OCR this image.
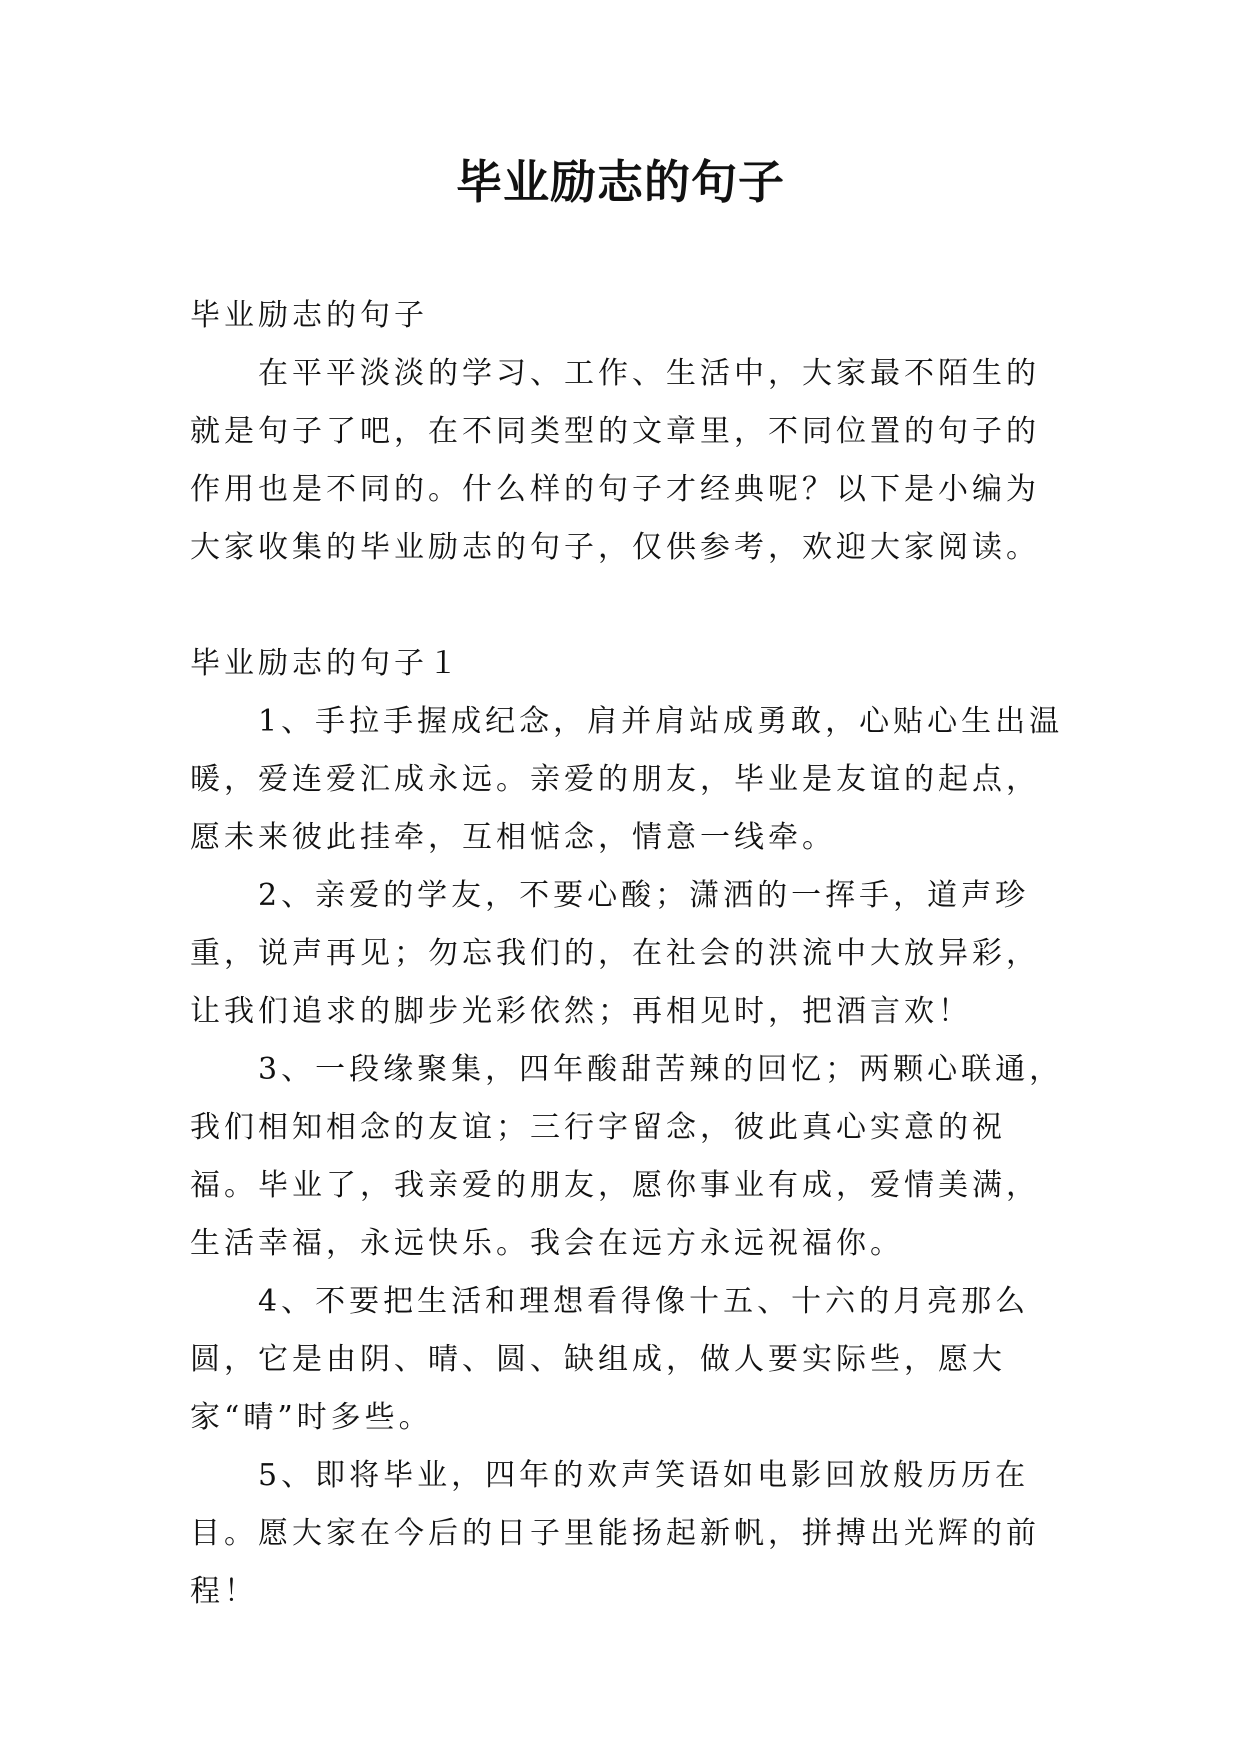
毕业励志的句子

毕业励志的句子

在平平淡淡的学习、工作、生活中，大家最不陌生的就是句子了吧，在不同类型的文章里，不同位置的句子的作用也是不同的。什么样的句子才经典呢？以下是小编为大家收集的毕业励志的句子，仅供参考，欢迎大家阅读。

毕业励志的句子１

1、手拉手握成纪念，肩并肩站成勇敢，心贴心生出温暖，爱连爱汇成永远。亲爱的朋友，毕业是友谊的起点，愿未来彼此挂牵，互相惦念，情意一线牵。

2、亲爱的学友，不要心酸；潇洒的一挥手，道声珍重，说声再见；勿忘我们的，在社会的洪流中大放异彩，让我们追求的脚步光彩依然；再相见时，把酒言欢！

3、一段缘聚集，四年酸甜苦辣的回忆；两颗心联通，我们相知相念的友谊；三行字留念，彼此真心实意的祝福。毕业了，我亲爱的朋友，愿你事业有成，爱情美满，生活幸福，永远快乐。我会在远方永远祝福你。

4、不要把生活和理想看得像十五、十六的月亮那么圆，它是由阴、晴、圆、缺组成，做人要实际些，愿大家“晴”时多些。

5、即将毕业，四年的欢声笑语如电影回放般历历在目。愿大家在今后的日子里能扬起新帆，拼搏出光辉的前程！
